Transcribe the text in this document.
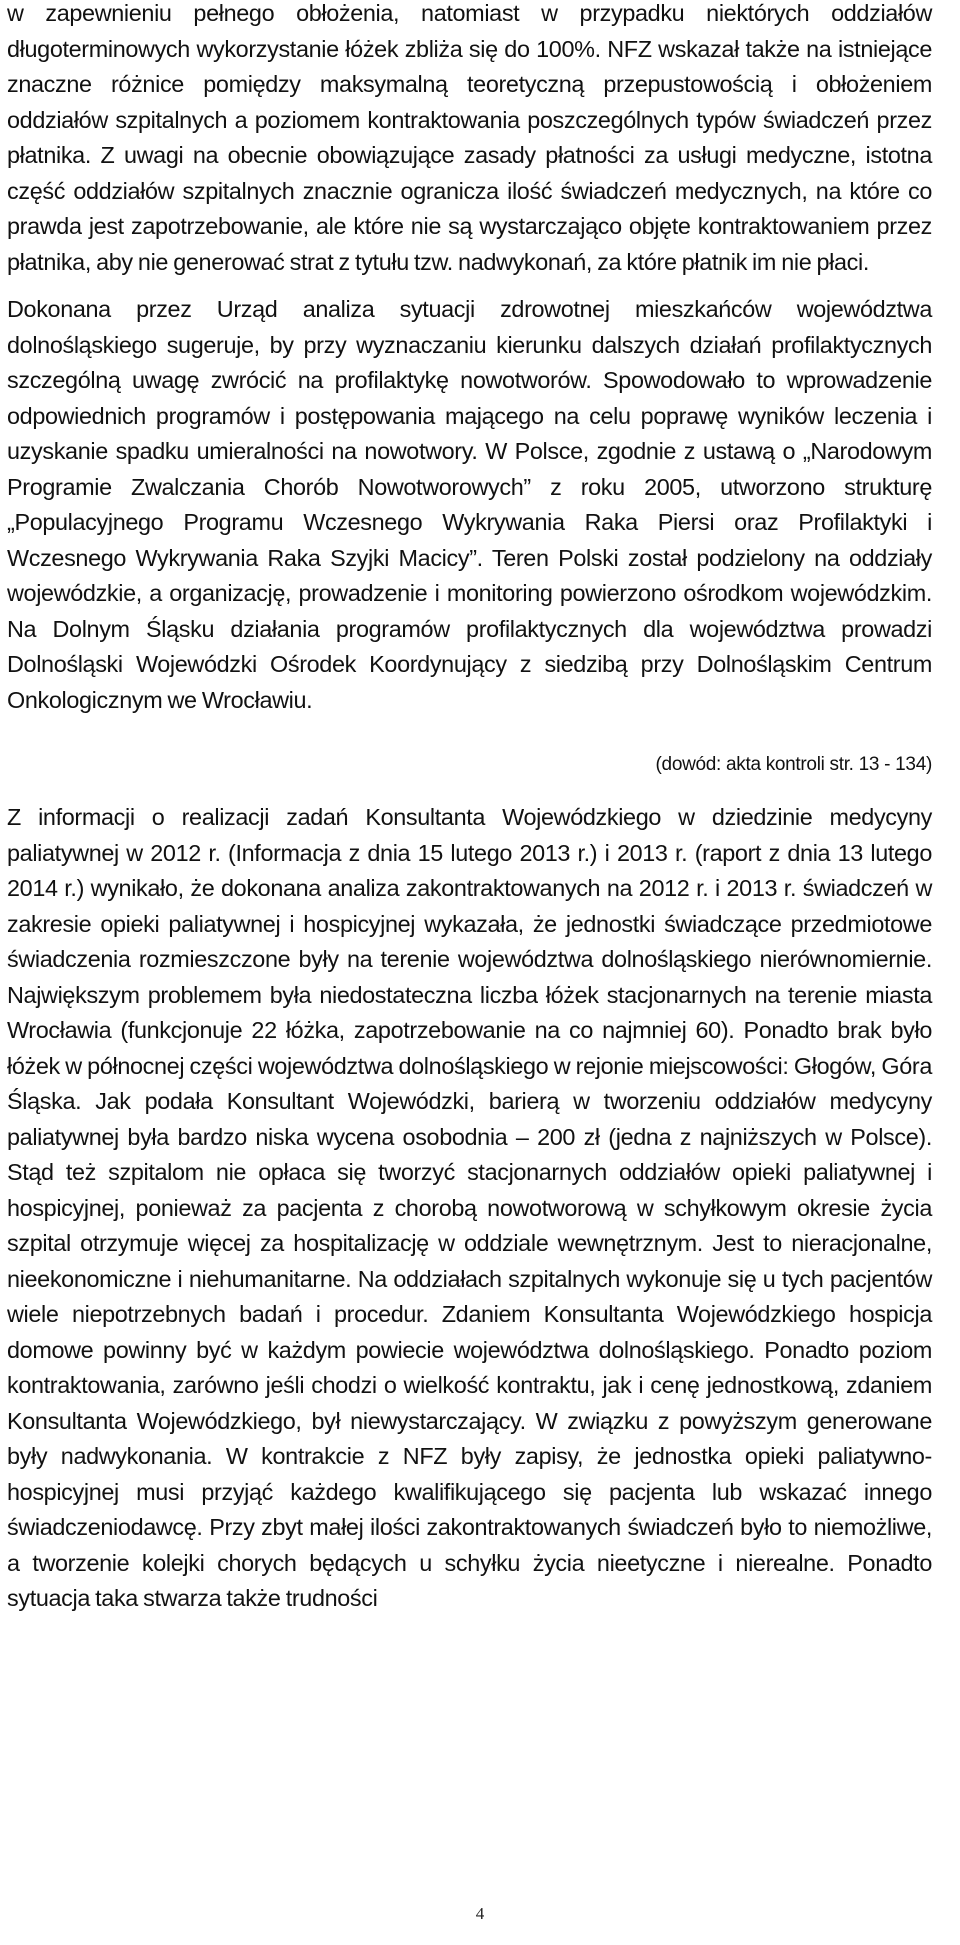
w zapewnieniu pełnego obłożenia, natomiast w przypadku niektórych oddziałów długoterminowych wykorzystanie łóżek zbliża się do 100%. NFZ wskazał także na istniejące znaczne różnice pomiędzy maksymalną teoretyczną przepustowością i obłożeniem oddziałów szpitalnych a poziomem kontraktowania poszczególnych typów świadczeń przez płatnika. Z uwagi na obecnie obowiązujące zasady płatności za usługi medyczne, istotna część oddziałów szpitalnych znacznie ogranicza ilość świadczeń medycznych, na które co prawda jest zapotrzebowanie, ale które nie są wystarczająco objęte kontraktowaniem przez płatnika, aby nie generować strat z tytułu tzw. nadwykonań, za które płatnik im nie płaci.

Dokonana przez Urząd analiza sytuacji zdrowotnej mieszkańców województwa dolnośląskiego sugeruje, by przy wyznaczaniu kierunku dalszych działań profilaktycznych szczególną uwagę zwrócić na profilaktykę nowotworów. Spowodowało to wprowadzenie odpowiednich programów i postępowania mającego na celu poprawę wyników leczenia i uzyskanie spadku umieralności na nowotwory. W Polsce, zgodnie z ustawą o „Narodowym Programie Zwalczania Chorób Nowotworowych” z roku 2005, utworzono strukturę „Populacyjnego Programu Wczesnego Wykrywania Raka Piersi oraz Profilaktyki i Wczesnego Wykrywania Raka Szyjki Macicy”. Teren Polski został podzielony na oddziały wojewódzkie, a organizację, prowadzenie i monitoring powierzono ośrodkom wojewódzkim. Na Dolnym Śląsku działania programów profilaktycznych dla województwa prowadzi Dolnośląski Wojewódzki Ośrodek Koordynujący z siedzibą przy Dolnośląskim Centrum Onkologicznym we Wrocławiu.

(dowód: akta kontroli str. 13 - 134)

Z informacji o realizacji zadań Konsultanta Wojewódzkiego w dziedzinie medycyny paliatywnej w 2012 r. (Informacja z dnia 15 lutego 2013 r.) i 2013 r. (raport z dnia 13 lutego 2014 r.) wynikało, że dokonana analiza zakontraktowanych na 2012 r. i 2013 r. świadczeń w zakresie opieki paliatywnej i hospicyjnej wykazała, że jednostki świadczące przedmiotowe świadczenia rozmieszczone były na terenie województwa dolnośląskiego nierównomiernie. Największym problemem była niedostateczna liczba łóżek stacjonarnych na terenie miasta Wrocławia (funkcjonuje 22 łóżka, zapotrzebowanie na co najmniej 60). Ponadto brak było łóżek w północnej części województwa dolnośląskiego w rejonie miejscowości: Głogów, Góra Śląska. Jak podała Konsultant Wojewódzki, barierą w tworzeniu oddziałów medycyny paliatywnej była bardzo niska wycena osobodnia – 200 zł (jedna z najniższych w Polsce). Stąd też szpitalom nie opłaca się tworzyć stacjonarnych oddziałów opieki paliatywnej i hospicyjnej, ponieważ za pacjenta z chorobą nowotworową w schyłkowym okresie życia szpital otrzymuje więcej za hospitalizację w oddziale wewnętrznym. Jest to nieracjonalne, nieekonomiczne i niehumanitarne. Na oddziałach szpitalnych wykonuje się u tych pacjentów wiele niepotrzebnych badań i procedur. Zdaniem Konsultanta Wojewódzkiego hospicja domowe powinny być w każdym powiecie województwa dolnośląskiego. Ponadto poziom kontraktowania, zarówno jeśli chodzi o wielkość kontraktu, jak i cenę jednostkową, zdaniem Konsultanta Wojewódzkiego, był niewystarczający. W związku z powyższym generowane były nadwykonania. W kontrakcie z NFZ były zapisy, że jednostka opieki paliatywno-hospicyjnej musi przyjąć każdego kwalifikującego się pacjenta lub wskazać innego świadczeniodawcę. Przy zbyt małej ilości zakontraktowanych świadczeń było to niemożliwe, a tworzenie kolejki chorych będących u schyłku życia nieetyczne i nierealne. Ponadto sytuacja taka stwarza także trudności

4
